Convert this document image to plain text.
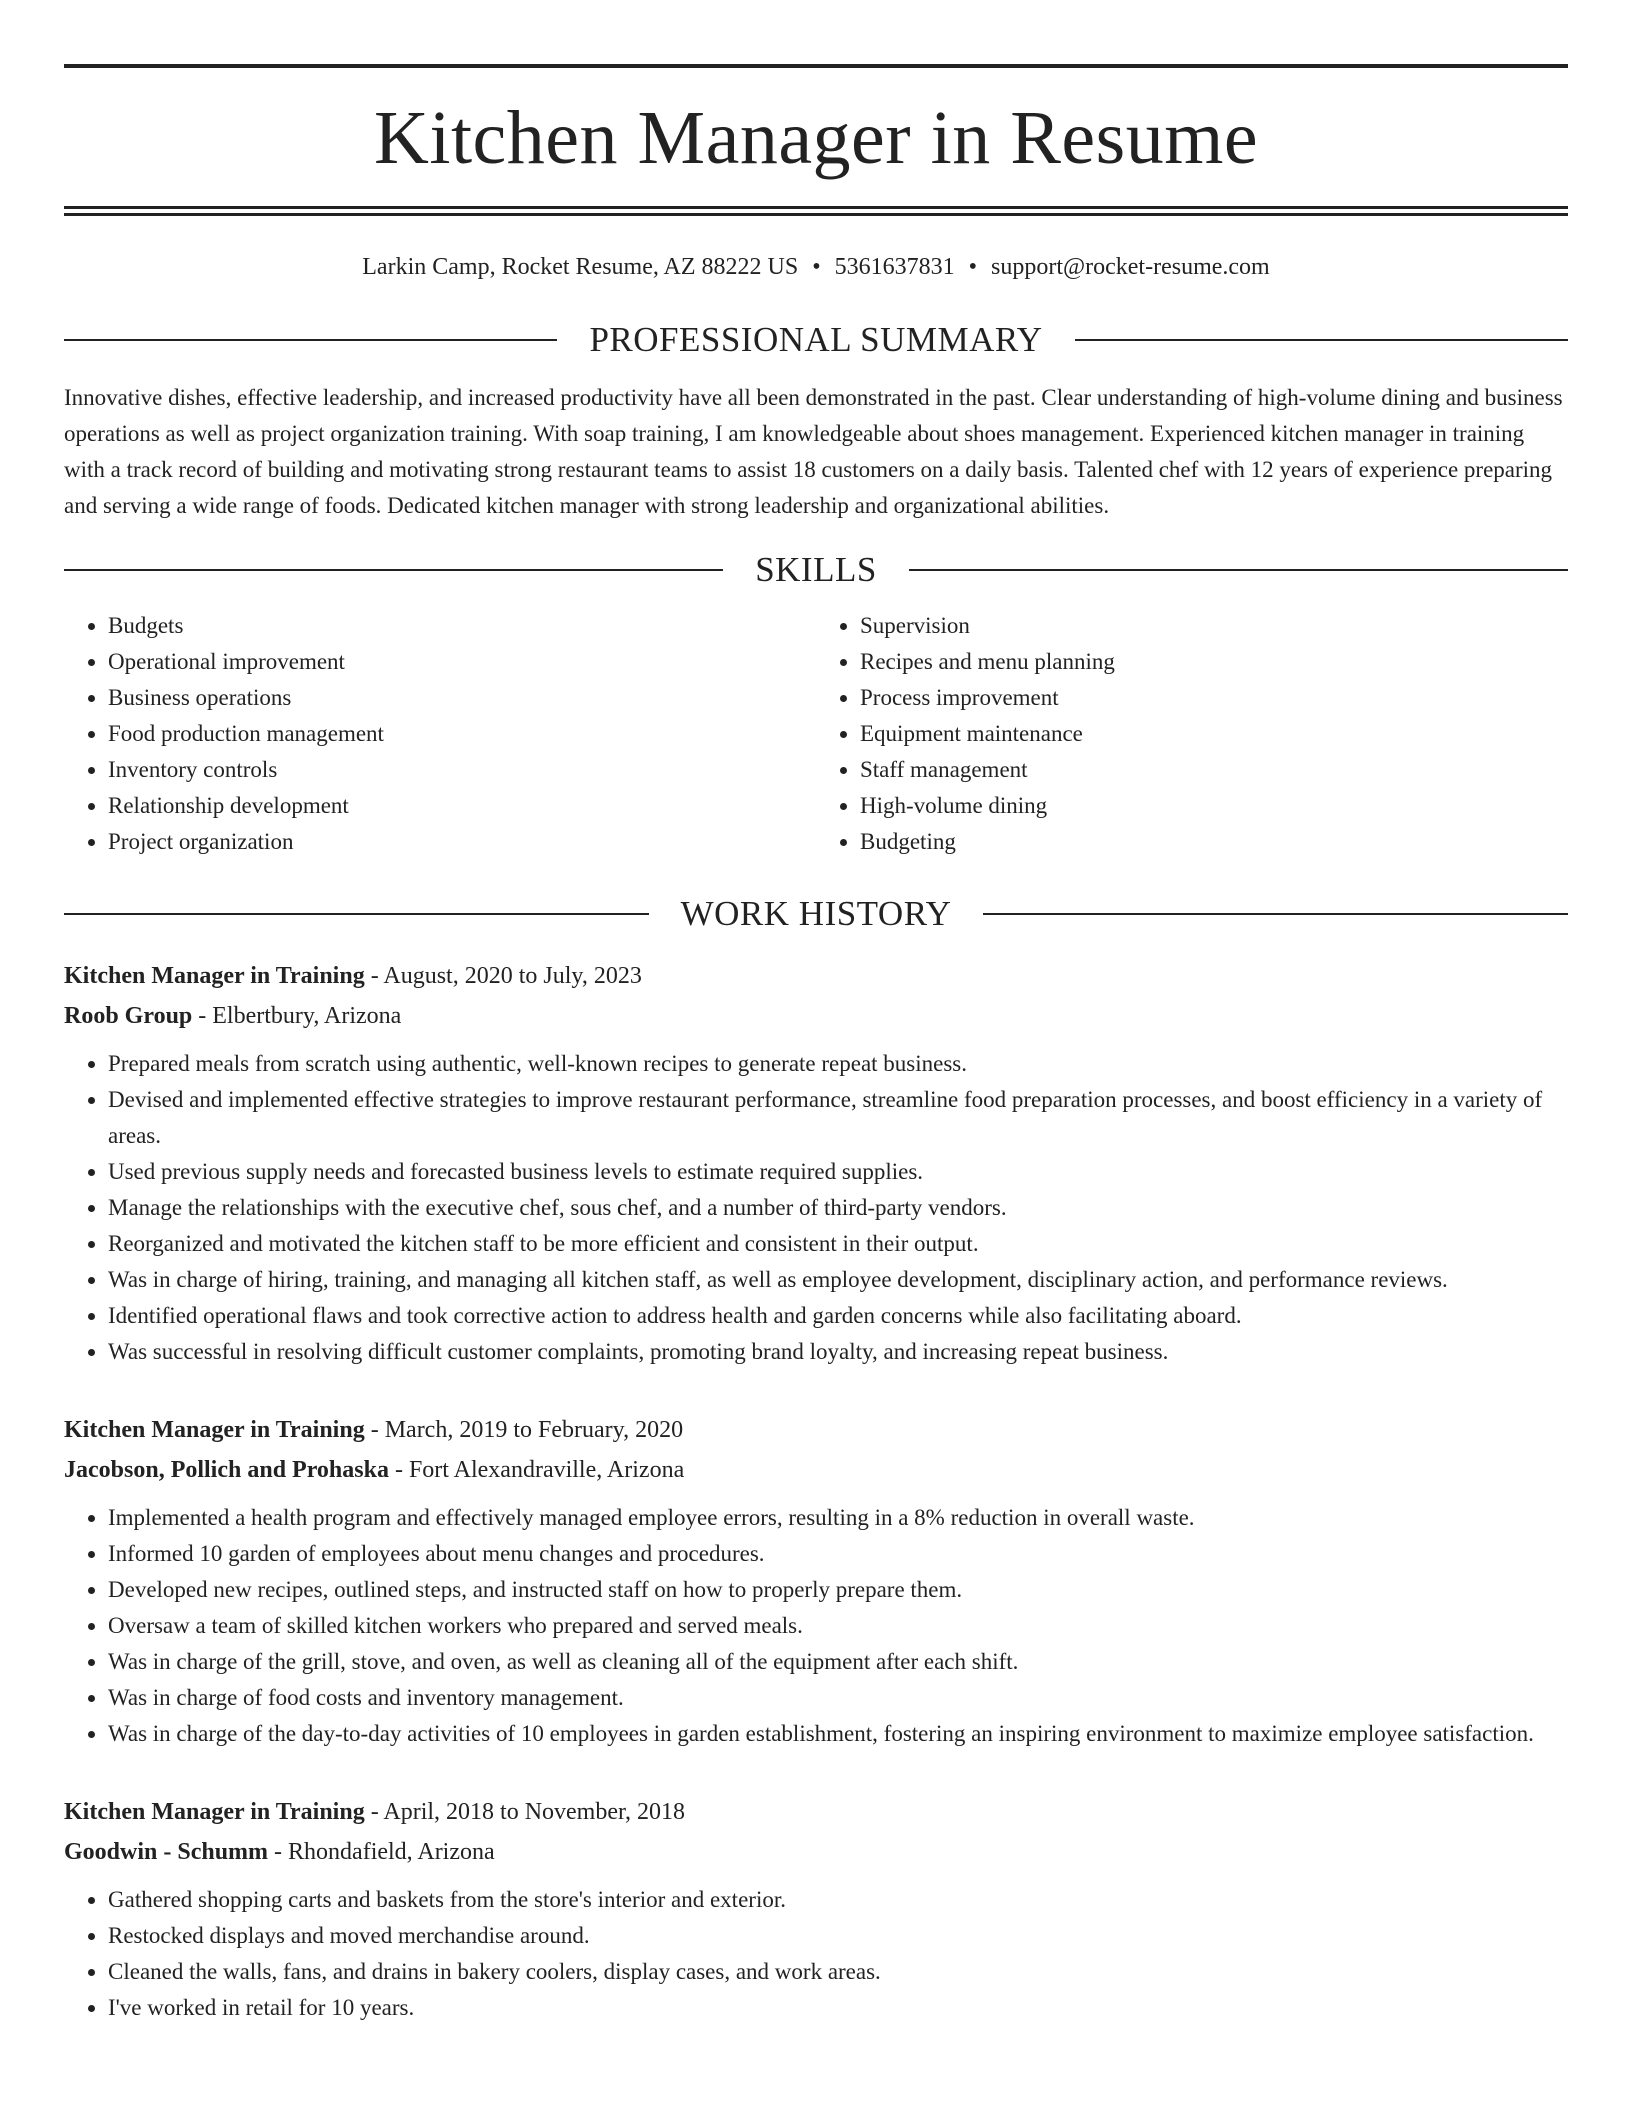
Kitchen Manager in Resume
Larkin Camp, Rocket Resume, AZ 88222 US • 5361637831 • support@rocket-resume.com
PROFESSIONAL SUMMARY
Innovative dishes, effective leadership, and increased productivity have all been demonstrated in the past. Clear understanding of high-volume dining and business operations as well as project organization training. With soap training, I am knowledgeable about shoes management. Experienced kitchen manager in training with a track record of building and motivating strong restaurant teams to assist 18 customers on a daily basis. Talented chef with 12 years of experience preparing and serving a wide range of foods. Dedicated kitchen manager with strong leadership and organizational abilities.
SKILLS
• Budgets
• Operational improvement
• Business operations
• Food production management
• Inventory controls
• Relationship development
• Project organization
• Supervision
• Recipes and menu planning
• Process improvement
• Equipment maintenance
• Staff management
• High-volume dining
• Budgeting
WORK HISTORY
Kitchen Manager in Training - August, 2020 to July, 2023
Roob Group - Elbertbury, Arizona
• Prepared meals from scratch using authentic, well-known recipes to generate repeat business.
• Devised and implemented effective strategies to improve restaurant performance, streamline food preparation processes, and boost efficiency in a variety of areas.
• Used previous supply needs and forecasted business levels to estimate required supplies.
• Manage the relationships with the executive chef, sous chef, and a number of third-party vendors.
• Reorganized and motivated the kitchen staff to be more efficient and consistent in their output.
• Was in charge of hiring, training, and managing all kitchen staff, as well as employee development, disciplinary action, and performance reviews.
• Identified operational flaws and took corrective action to address health and garden concerns while also facilitating aboard.
• Was successful in resolving difficult customer complaints, promoting brand loyalty, and increasing repeat business.
Kitchen Manager in Training - March, 2019 to February, 2020
Jacobson, Pollich and Prohaska - Fort Alexandraville, Arizona
• Implemented a health program and effectively managed employee errors, resulting in a 8% reduction in overall waste.
• Informed 10 garden of employees about menu changes and procedures.
• Developed new recipes, outlined steps, and instructed staff on how to properly prepare them.
• Oversaw a team of skilled kitchen workers who prepared and served meals.
• Was in charge of the grill, stove, and oven, as well as cleaning all of the equipment after each shift.
• Was in charge of food costs and inventory management.
• Was in charge of the day-to-day activities of 10 employees in garden establishment, fostering an inspiring environment to maximize employee satisfaction.
Kitchen Manager in Training - April, 2018 to November, 2018
Goodwin - Schumm - Rhondafield, Arizona
• Gathered shopping carts and baskets from the store's interior and exterior.
• Restocked displays and moved merchandise around.
• Cleaned the walls, fans, and drains in bakery coolers, display cases, and work areas.
• I've worked in retail for 10 years.
